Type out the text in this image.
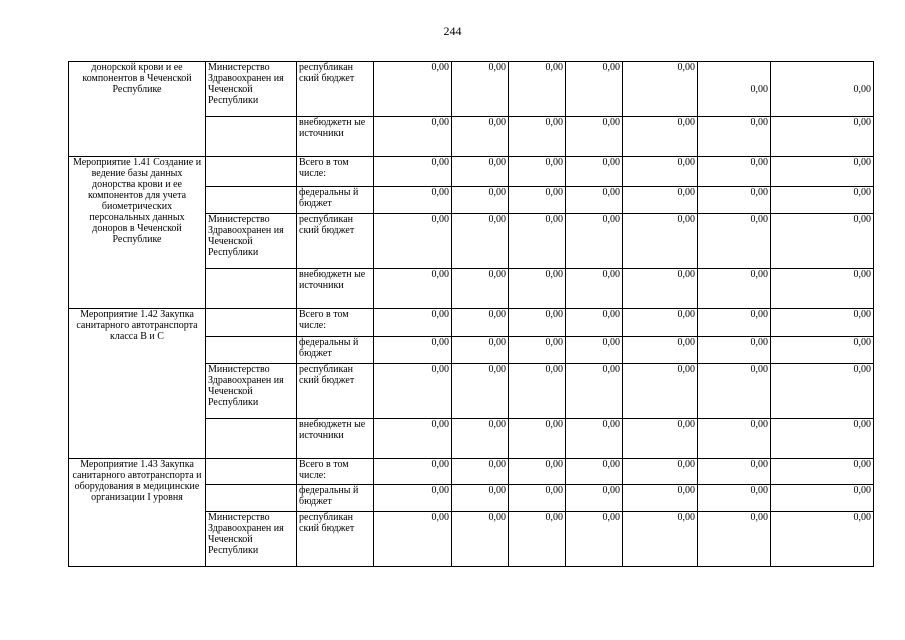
244
донорской крови и ее компонентов в Чеченской Республике	Министерство Здравоохранен ия Чеченской Республики	республикан ский бюджет	0,00	0,00	0,00	0,00	0,00	0,00	0,00
		внебюджетн ые источники	0,00	0,00	0,00	0,00	0,00	0,00	0,00
Мероприятие 1.41 Создание и ведение базы данных донорства крови и ее компонентов для учета биометрических персональных данных доноров в Чеченской Республике		Всего в том числе:	0,00	0,00	0,00	0,00	0,00	0,00	0,00
		федеральны й бюджет	0,00	0,00	0,00	0,00	0,00	0,00	0,00
	Министерство Здравоохранен ия Чеченской Республики	республикан ский бюджет	0,00	0,00	0,00	0,00	0,00	0,00	0,00
		внебюджетн ые источники	0,00	0,00	0,00	0,00	0,00	0,00	0,00
Мероприятие 1.42 Закупка санитарного автотранспорта класса В и С		Всего в том числе:	0,00	0,00	0,00	0,00	0,00	0,00	0,00
		федеральны й бюджет	0,00	0,00	0,00	0,00	0,00	0,00	0,00
	Министерство Здравоохранен ия Чеченской Республики	республикан ский бюджет	0,00	0,00	0,00	0,00	0,00	0,00	0,00
		внебюджетн ые источники	0,00	0,00	0,00	0,00	0,00	0,00	0,00
Мероприятие 1.43 Закупка санитарного автотранспорта и оборудования в медицинские организации I уровня		Всего в том числе:	0,00	0,00	0,00	0,00	0,00	0,00	0,00
		федеральны й бюджет	0,00	0,00	0,00	0,00	0,00	0,00	0,00
	Министерство Здравоохранен ия Чеченской Республики	республикан ский бюджет	0,00	0,00	0,00	0,00	0,00	0,00	0,00
